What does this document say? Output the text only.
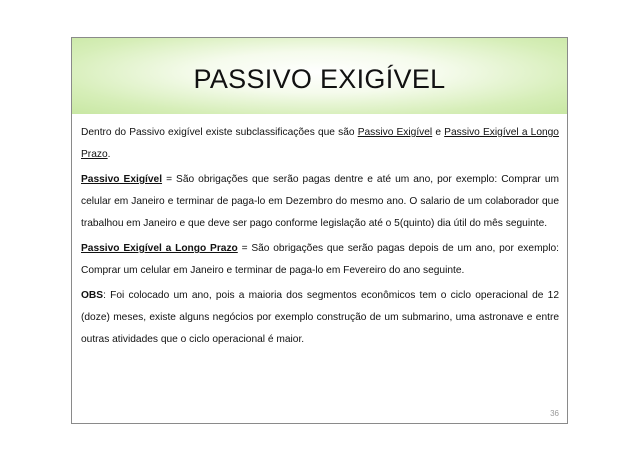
PASSIVO EXIGÍVEL

Dentro do Passivo exigível existe subclassificações que são Passivo Exigível e Passivo Exigível a Longo Prazo.

Passivo Exigível = São obrigações que serão pagas dentre e até um ano, por exemplo: Comprar um celular em Janeiro e terminar de paga-lo em Dezembro do mesmo ano. O salario de um colaborador que trabalhou em Janeiro e que deve ser pago conforme legislação até o 5(quinto) dia útil do mês seguinte.

Passivo Exigível a Longo Prazo = São obrigações que serão pagas depois de um ano, por exemplo: Comprar um celular em Janeiro e terminar de paga-lo em Fevereiro do ano seguinte.

OBS: Foi colocado um ano, pois a maioria dos segmentos econômicos tem o ciclo operacional de 12 (doze) meses, existe alguns negócios por exemplo construção de um submarino, uma astronave e entre outras atividades que o ciclo operacional é maior.

36
